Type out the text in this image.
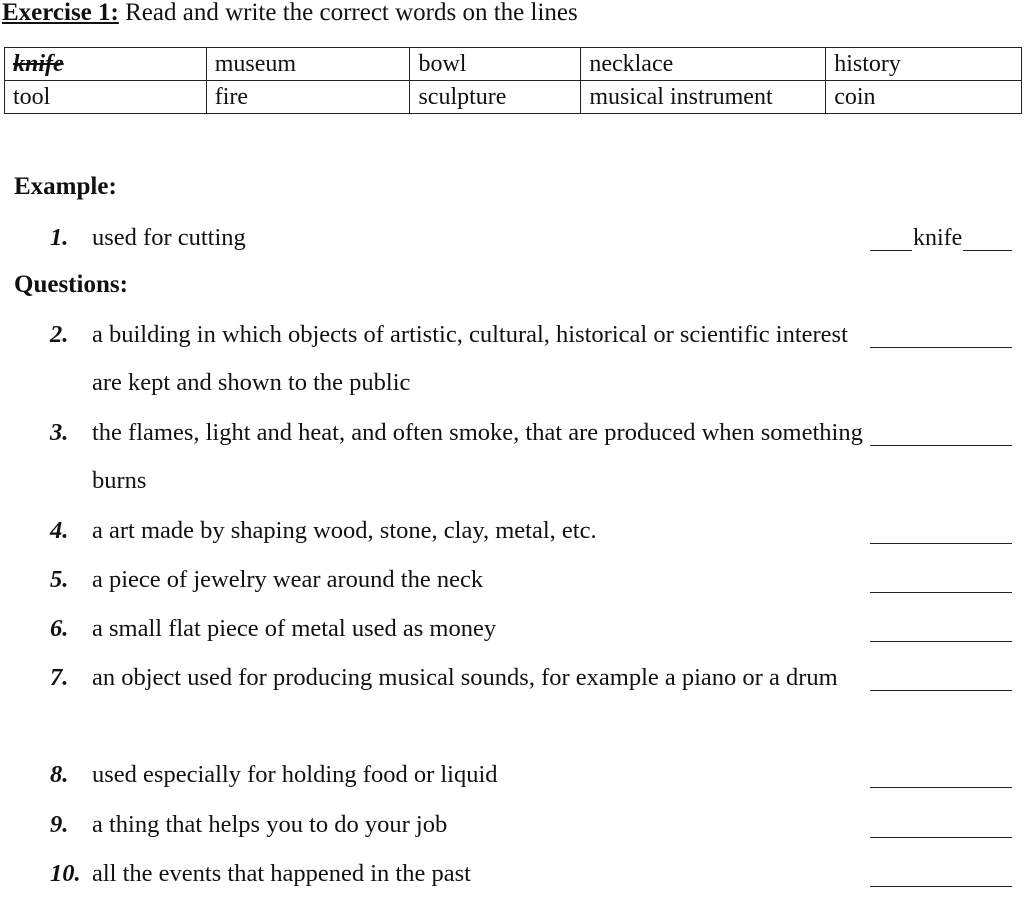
Exercise 1: Read and write the correct words on the lines
knife	museum	bowl	necklace	history
tool	fire	sculpture	musical instrument	coin
Example:
1. used for cutting	knife
Questions:
2. a building in which objects of artistic, cultural, historical or scientific interest are kept and shown to the public
3. the flames, light and heat, and often smoke, that are produced when something burns
4. a art made by shaping wood, stone, clay, metal, etc.
5. a piece of jewelry wear around the neck
6. a small flat piece of metal used as money
7. an object used for producing musical sounds, for example a piano or a drum
8. used especially for holding food or liquid
9. a thing that helps you to do your job
10. all the events that happened in the past
